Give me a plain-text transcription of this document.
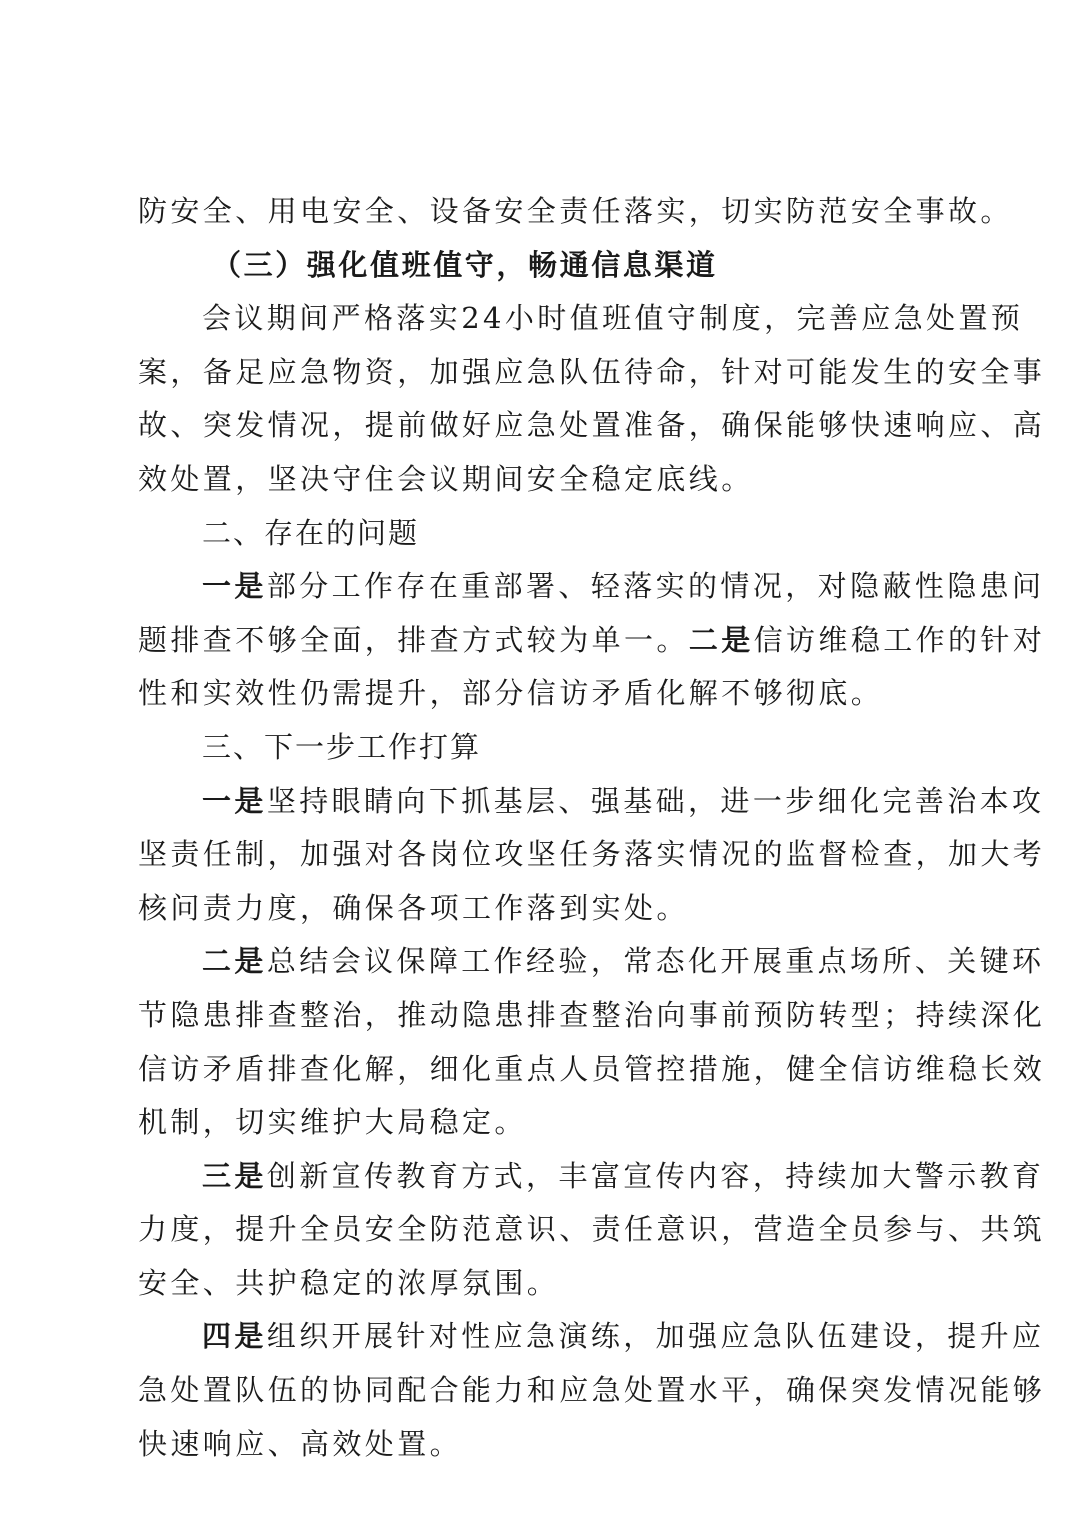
防安全、用电安全、设备安全责任落实，切实防范安全事故。
（三）强化值班值守，畅通信息渠道
会议期间严格落实24小时值班值守制度，完善应急处置预
案，备足应急物资，加强应急队伍待命，针对可能发生的安全事
故、突发情况，提前做好应急处置准备，确保能够快速响应、高
效处置，坚决守住会议期间安全稳定底线。
二、存在的问题
一是部分工作存在重部署、轻落实的情况，对隐蔽性隐患问
题排查不够全面，排查方式较为单一。二是信访维稳工作的针对
性和实效性仍需提升，部分信访矛盾化解不够彻底。
三、下一步工作打算
一是坚持眼睛向下抓基层、强基础，进一步细化完善治本攻
坚责任制，加强对各岗位攻坚任务落实情况的监督检查，加大考
核问责力度，确保各项工作落到实处。
二是总结会议保障工作经验，常态化开展重点场所、关键环
节隐患排查整治，推动隐患排查整治向事前预防转型；持续深化
信访矛盾排查化解，细化重点人员管控措施，健全信访维稳长效
机制，切实维护大局稳定。
三是创新宣传教育方式，丰富宣传内容，持续加大警示教育
力度，提升全员安全防范意识、责任意识，营造全员参与、共筑
安全、共护稳定的浓厚氛围。
四是组织开展针对性应急演练，加强应急队伍建设，提升应
急处置队伍的协同配合能力和应急处置水平，确保突发情况能够
快速响应、高效处置。
